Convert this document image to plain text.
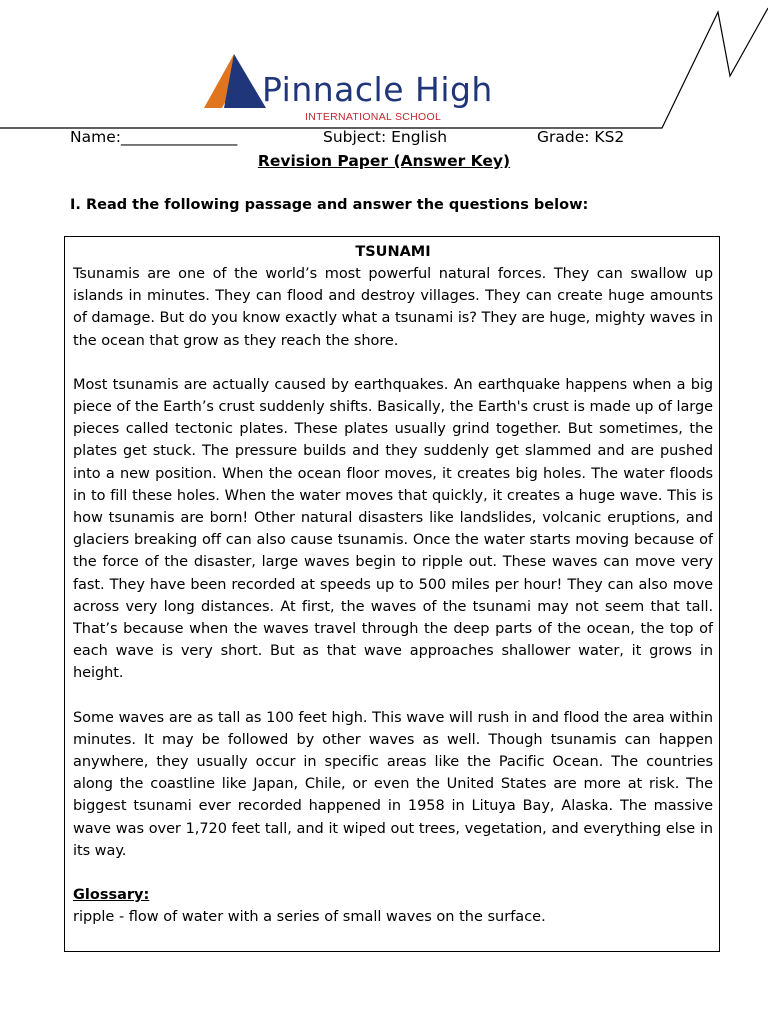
Pinnacle High
INTERNATIONAL SCHOOL
Name:_______________	Subject: English	Grade: KS2
Revision Paper (Answer Key)
I. Read the following passage and answer the questions below:
TSUNAMI

Tsunamis are one of the world’s most powerful natural forces. They can swallow up islands in minutes. They can flood and destroy villages. They can create huge amounts of damage. But do you know exactly what a tsunami is? They are huge, mighty waves in the ocean that grow as they reach the shore.

Most tsunamis are actually caused by earthquakes. An earthquake happens when a big piece of the Earth’s crust suddenly shifts. Basically, the Earth's crust is made up of large pieces called tectonic plates. These plates usually grind together. But sometimes, the plates get stuck. The pressure builds and they suddenly get slammed and are pushed into a new position. When the ocean floor moves, it creates big holes. The water floods in to fill these holes. When the water moves that quickly, it creates a huge wave. This is how tsunamis are born! Other natural disasters like landslides, volcanic eruptions, and glaciers breaking off can also cause tsunamis. Once the water starts moving because of the force of the disaster, large waves begin to ripple out. These waves can move very fast. They have been recorded at speeds up to 500 miles per hour! They can also move across very long distances. At first, the waves of the tsunami may not seem that tall. That’s because when the waves travel through the deep parts of the ocean, the top of each wave is very short. But as that wave approaches shallower water, it grows in height.

Some waves are as tall as 100 feet high. This wave will rush in and flood the area within minutes. It may be followed by other waves as well. Though tsunamis can happen anywhere, they usually occur in specific areas like the Pacific Ocean. The countries along the coastline like Japan, Chile, or even the United States are more at risk. The biggest tsunami ever recorded happened in 1958 in Lituya Bay, Alaska. The massive wave was over 1,720 feet tall, and it wiped out trees, vegetation, and everything else in its way.

Glossary:
ripple - flow of water with a series of small waves on the surface.
